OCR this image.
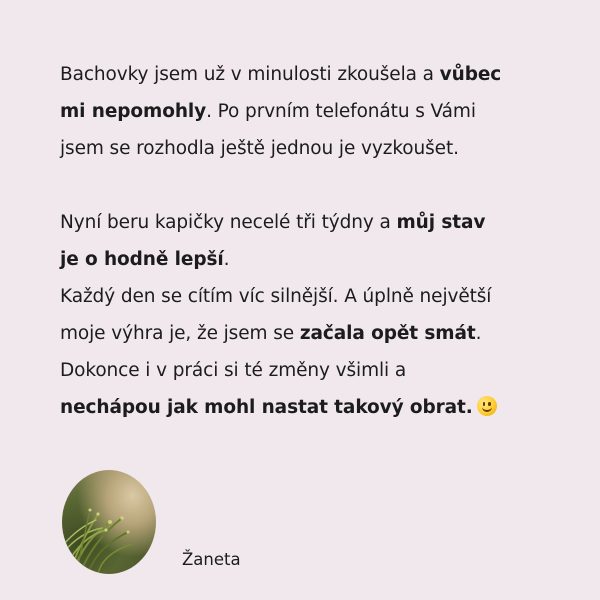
Bachovky jsem už v minulosti zkoušela a vůbec
mi nepomohly. Po prvním telefonátu s Vámi
jsem se rozhodla ještě jednou je vyzkoušet.
Nyní beru kapičky necelé tři týdny a můj stav
je o hodně lepší.
Každý den se cítím víc silnější. A úplně největší
moje výhra je, že jsem se začala opět smát.
Dokonce i v práci si té změny všimli a
nechápou jak mohl nastat takový obrat.
Žaneta
